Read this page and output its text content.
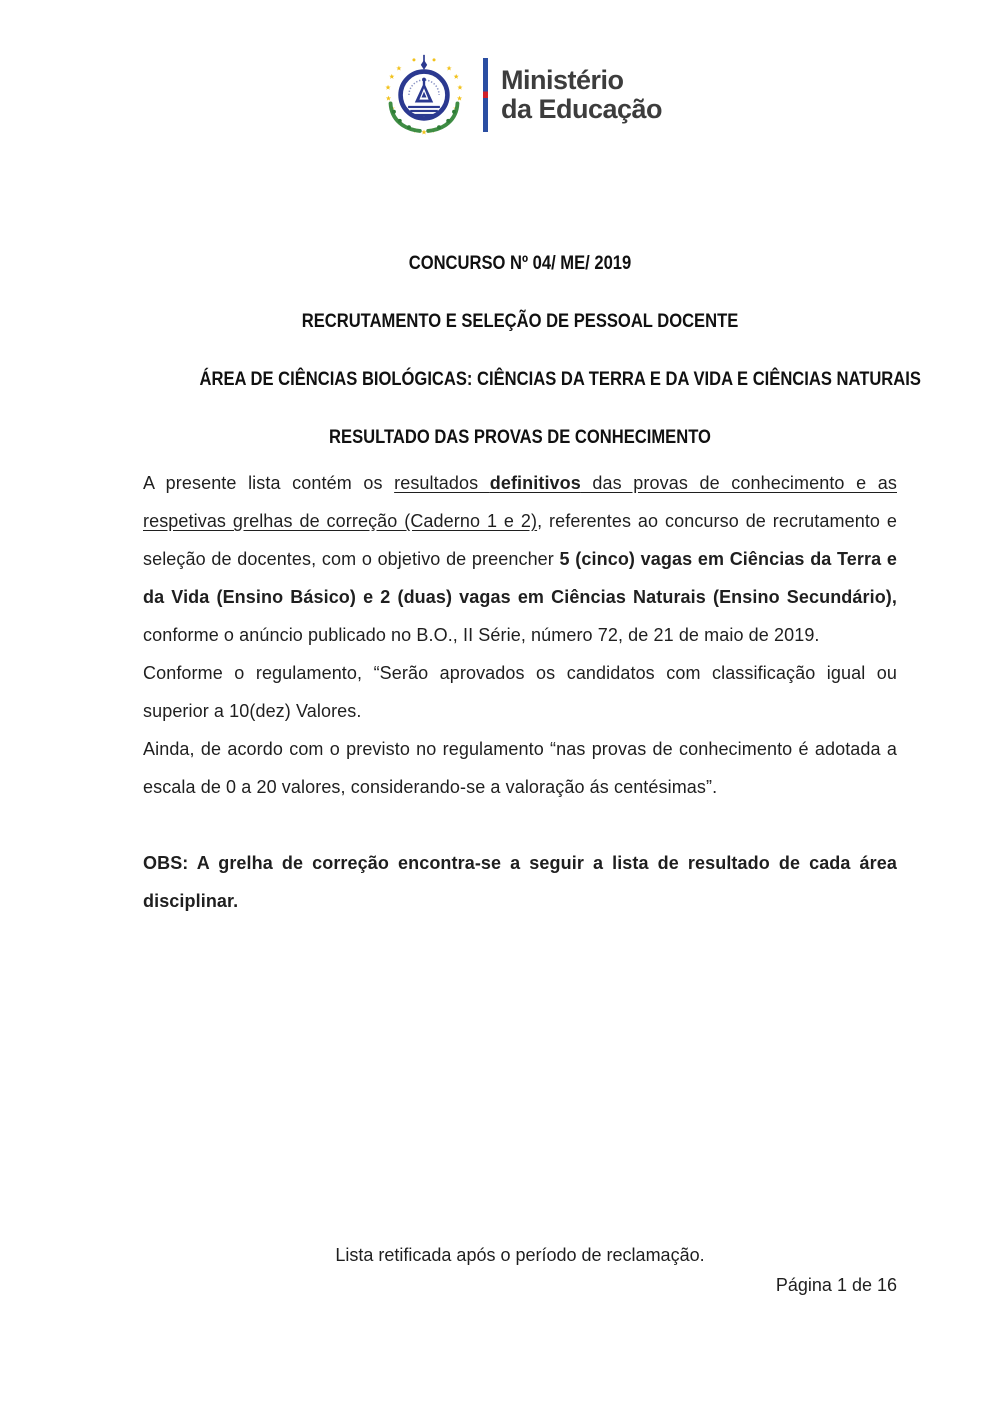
Ministério
da Educação
CONCURSO Nº 04/ ME/ 2019
RECRUTAMENTO E SELEÇÃO DE PESSOAL DOCENTE
ÁREA DE CIÊNCIAS BIOLÓGICAS: CIÊNCIAS DA TERRA E DA VIDA E CIÊNCIAS NATURAIS
RESULTADO DAS PROVAS DE CONHECIMENTO

A presente lista contém os resultados definitivos das provas de conhecimento e as respetivas grelhas de correção (Caderno 1 e 2), referentes ao concurso de recrutamento e seleção de docentes, com o objetivo de preencher 5 (cinco) vagas em Ciências da Terra e da Vida (Ensino Básico) e 2 (duas) vagas em Ciências Naturais (Ensino Secundário), conforme o anúncio publicado no B.O., II Série, número 72, de 21 de maio de 2019.

Conforme o regulamento, “Serão aprovados os candidatos com classificação igual ou superior a 10(dez) Valores.

Ainda, de acordo com o previsto no regulamento “nas provas de conhecimento é adotada a escala de 0 a 20 valores, considerando-se a valoração ás centésimas”.

OBS: A grelha de correção encontra-se a seguir a lista de resultado de cada área disciplinar.

Lista retificada após o período de reclamação.
Página 1 de 16
